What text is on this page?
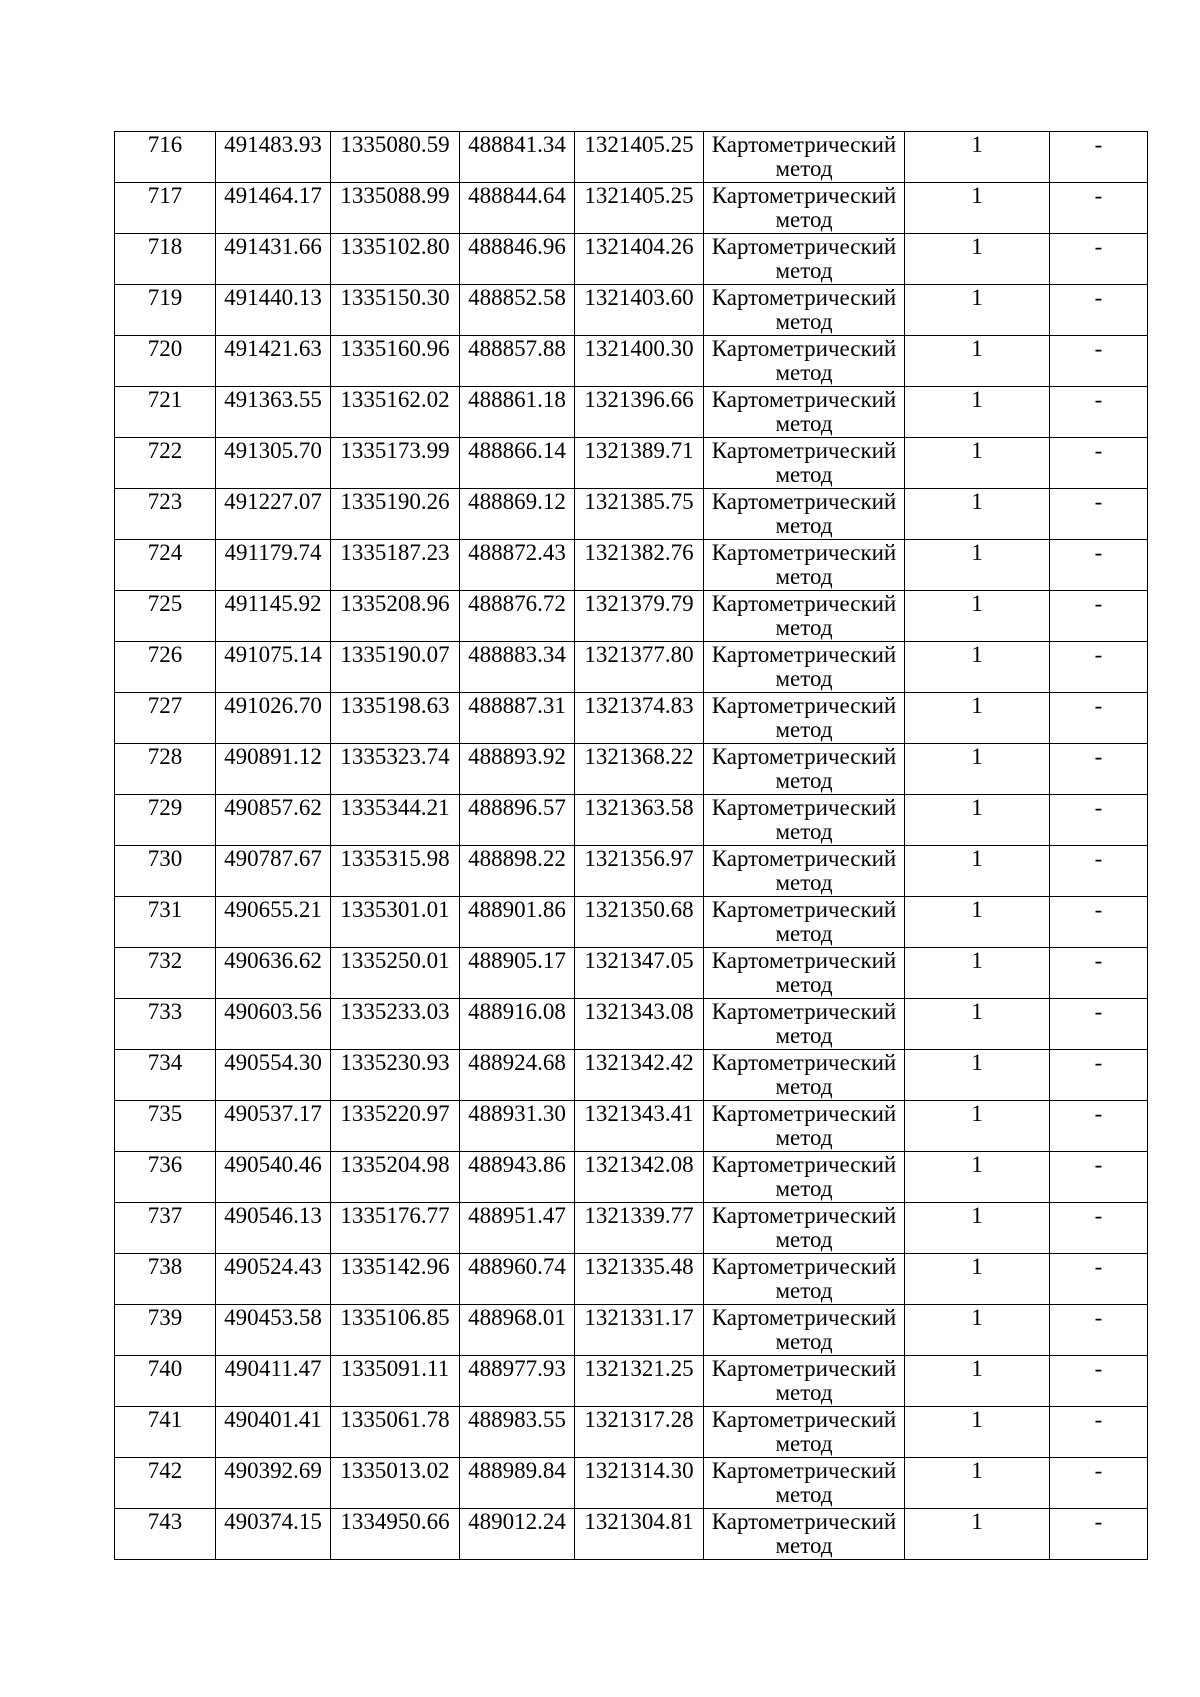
716	491483.93	1335080.59	488841.34	1321405.25	Картометрический
метод	1	-
717	491464.17	1335088.99	488844.64	1321405.25	Картометрический
метод	1	-
718	491431.66	1335102.80	488846.96	1321404.26	Картометрический
метод	1	-
719	491440.13	1335150.30	488852.58	1321403.60	Картометрический
метод	1	-
720	491421.63	1335160.96	488857.88	1321400.30	Картометрический
метод	1	-
721	491363.55	1335162.02	488861.18	1321396.66	Картометрический
метод	1	-
722	491305.70	1335173.99	488866.14	1321389.71	Картометрический
метод	1	-
723	491227.07	1335190.26	488869.12	1321385.75	Картометрический
метод	1	-
724	491179.74	1335187.23	488872.43	1321382.76	Картометрический
метод	1	-
725	491145.92	1335208.96	488876.72	1321379.79	Картометрический
метод	1	-
726	491075.14	1335190.07	488883.34	1321377.80	Картометрический
метод	1	-
727	491026.70	1335198.63	488887.31	1321374.83	Картометрический
метод	1	-
728	490891.12	1335323.74	488893.92	1321368.22	Картометрический
метод	1	-
729	490857.62	1335344.21	488896.57	1321363.58	Картометрический
метод	1	-
730	490787.67	1335315.98	488898.22	1321356.97	Картометрический
метод	1	-
731	490655.21	1335301.01	488901.86	1321350.68	Картометрический
метод	1	-
732	490636.62	1335250.01	488905.17	1321347.05	Картометрический
метод	1	-
733	490603.56	1335233.03	488916.08	1321343.08	Картометрический
метод	1	-
734	490554.30	1335230.93	488924.68	1321342.42	Картометрический
метод	1	-
735	490537.17	1335220.97	488931.30	1321343.41	Картометрический
метод	1	-
736	490540.46	1335204.98	488943.86	1321342.08	Картометрический
метод	1	-
737	490546.13	1335176.77	488951.47	1321339.77	Картометрический
метод	1	-
738	490524.43	1335142.96	488960.74	1321335.48	Картометрический
метод	1	-
739	490453.58	1335106.85	488968.01	1321331.17	Картометрический
метод	1	-
740	490411.47	1335091.11	488977.93	1321321.25	Картометрический
метод	1	-
741	490401.41	1335061.78	488983.55	1321317.28	Картометрический
метод	1	-
742	490392.69	1335013.02	488989.84	1321314.30	Картометрический
метод	1	-
743	490374.15	1334950.66	489012.24	1321304.81	Картометрический
метод	1	-
